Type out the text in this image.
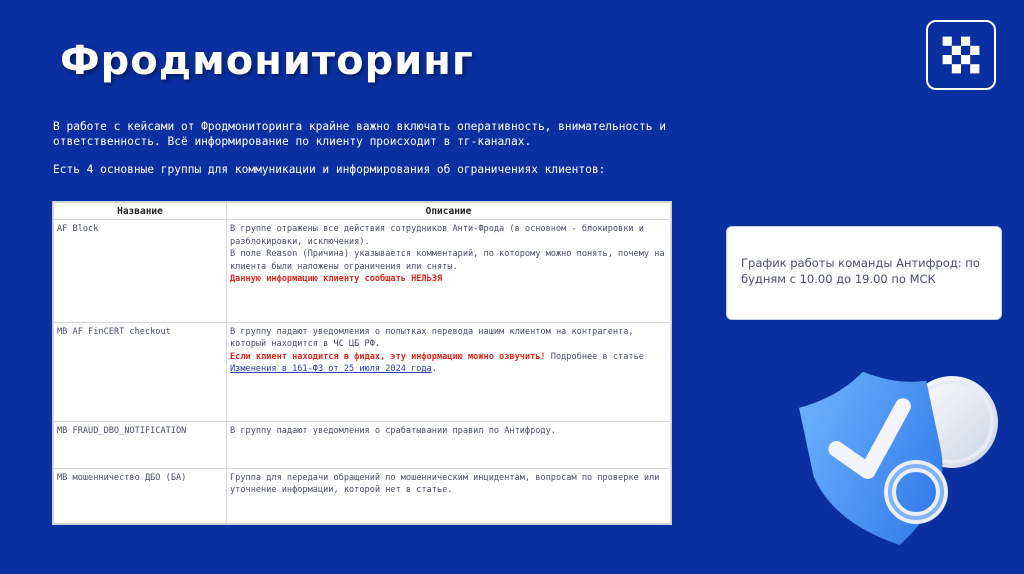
Фродмониторинг

В работе с кейсами от Фродмониторинга крайне важно включать оперативность, внимательность и ответственность. Всё информирование по клиенту происходит в тг-каналах.

Есть 4 основные группы для коммуникации и информирования об ограничениях клиентов:

Название	Описание
AF Block	В группе отражены все действия сотрудников Анти-Фрода (в основном - блокировки и разблокировки, исключения).
В поле Reason (Причина) указывается комментарий, по которому можно понять, почему на клиента были наложены ограничения или сняты.
Данную информацию клиенту сообщать НЕЛЬЗЯ

MB AF FinCERT checkout	В группу падают уведомления о попытках перевода нашим клиентом на контрагента, который находится в ЧС ЦБ РФ.
Если клиент находится в фидах, эту информацию можно озвучить! Подробнее в статье Изменения в 161-ФЗ от 25 июля 2024 года.

MB FRAUD_DBO_NOTIFICATION	В группу падают уведомления о срабатывании правил по Антифроду.

MB мошенничество ДБО (БА)	Группа для передачи обращений по мошенническим инцидентам, вопросам по проверке или уточнение информации, которой нет в статье.
График работы команды Антифрод: по будням с 10.00 до 19.00 по МСК
